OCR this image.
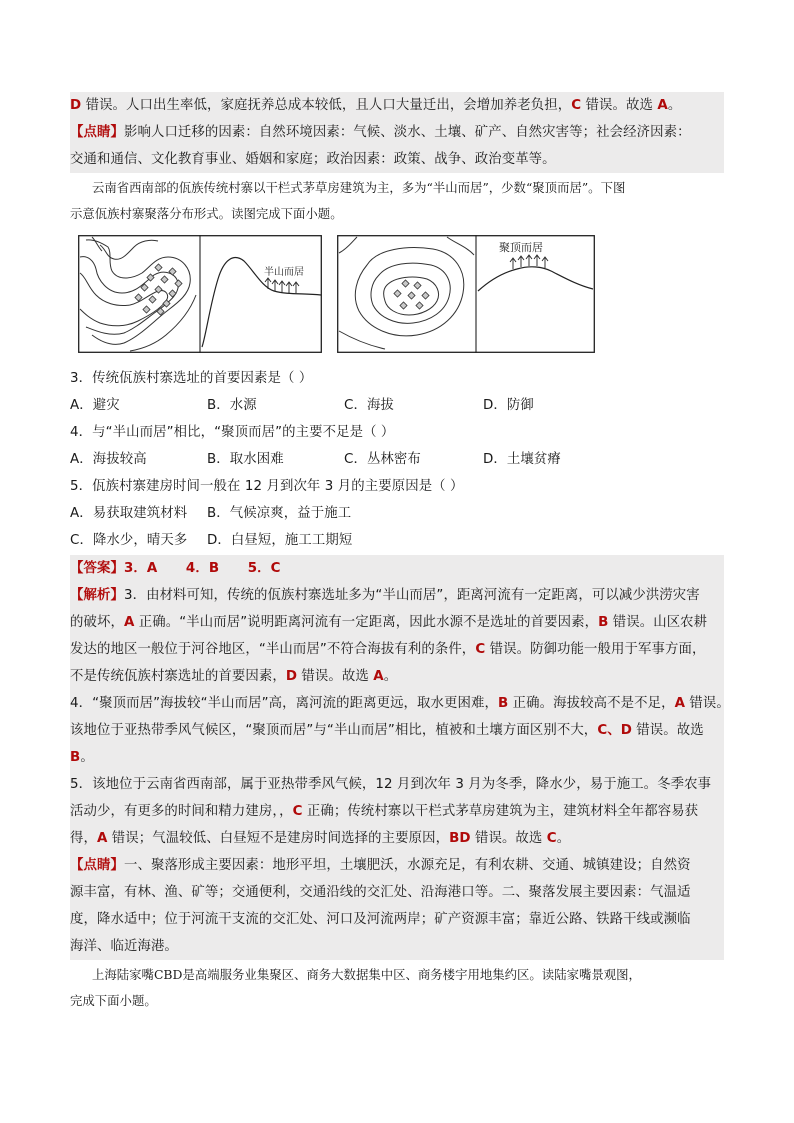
D 错误。人口出生率低，家庭抚养总成本较低，且人口大量迁出，会增加养老负担，C 错误。故选 A。
【点睛】影响人口迁移的因素：自然环境因素：气候、淡水、土壤、矿产、自然灾害等；社会经济因素：
交通和通信、文化教育事业、婚姻和家庭；政治因素：政策、战争、政治变革等。
云南省西南部的佤族传统村寨以干栏式茅草房建筑为主，多为“半山而居”，少数“聚顶而居”。下图
示意佤族村寨聚落分布形式。读图完成下面小题。
半山而居
聚顶而居
3．传统佤族村寨选址的首要因素是（ ）
A．避灾	B．水源	C．海拔	D．防御
4．与“半山而居”相比，“聚顶而居”的主要不足是（ ）
A．海拔较高	B．取水困难	C．丛林密布	D．土壤贫瘠
5．佤族村寨建房时间一般在 12 月到次年 3 月的主要原因是（ ）
A．易获取建筑材料	B．气候凉爽，益于施工
C．降水少，晴天多	D．白昼短，施工工期短
【答案】3．A      4．B      5．C
【解析】3．由材料可知，传统的佤族村寨选址多为“半山而居”，距离河流有一定距离，可以减少洪涝灾害
的破坏，A 正确。“半山而居”说明距离河流有一定距离，因此水源不是选址的首要因素，B 错误。山区农耕
发达的地区一般位于河谷地区，“半山而居”不符合海拔有利的条件，C 错误。防御功能一般用于军事方面，
不是传统佤族村寨选址的首要因素，D 错误。故选 A。
4．“聚顶而居”海拔较“半山而居”高，离河流的距离更远，取水更困难，B 正确。海拔较高不是不足，A 错误。
该地位于亚热带季风气候区，“聚顶而居”与“半山而居”相比，植被和土壤方面区别不大，C、D 错误。故选
B。
5．该地位于云南省西南部，属于亚热带季风气候，12 月到次年 3 月为冬季，降水少，易于施工。冬季农事
活动少，有更多的时间和精力建房，，C 正确；传统村寨以干栏式茅草房建筑为主，建筑材料全年都容易获
得，A 错误；气温较低、白昼短不是建房时间选择的主要原因，BD 错误。故选 C。
【点睛】一、聚落形成主要因素：地形平坦，土壤肥沃，水源充足，有利农耕、交通、城镇建设；自然资
源丰富，有林、渔、矿等；交通便利，交通沿线的交汇处、沿海港口等。二、聚落发展主要因素：气温适
度，降水适中；位于河流干支流的交汇处、河口及河流两岸；矿产资源丰富；靠近公路、铁路干线或濒临
海洋、临近海港。
上海陆家嘴CBD是高端服务业集聚区、商务大数据集中区、商务楼宇用地集约区。读陆家嘴景观图，
完成下面小题。
